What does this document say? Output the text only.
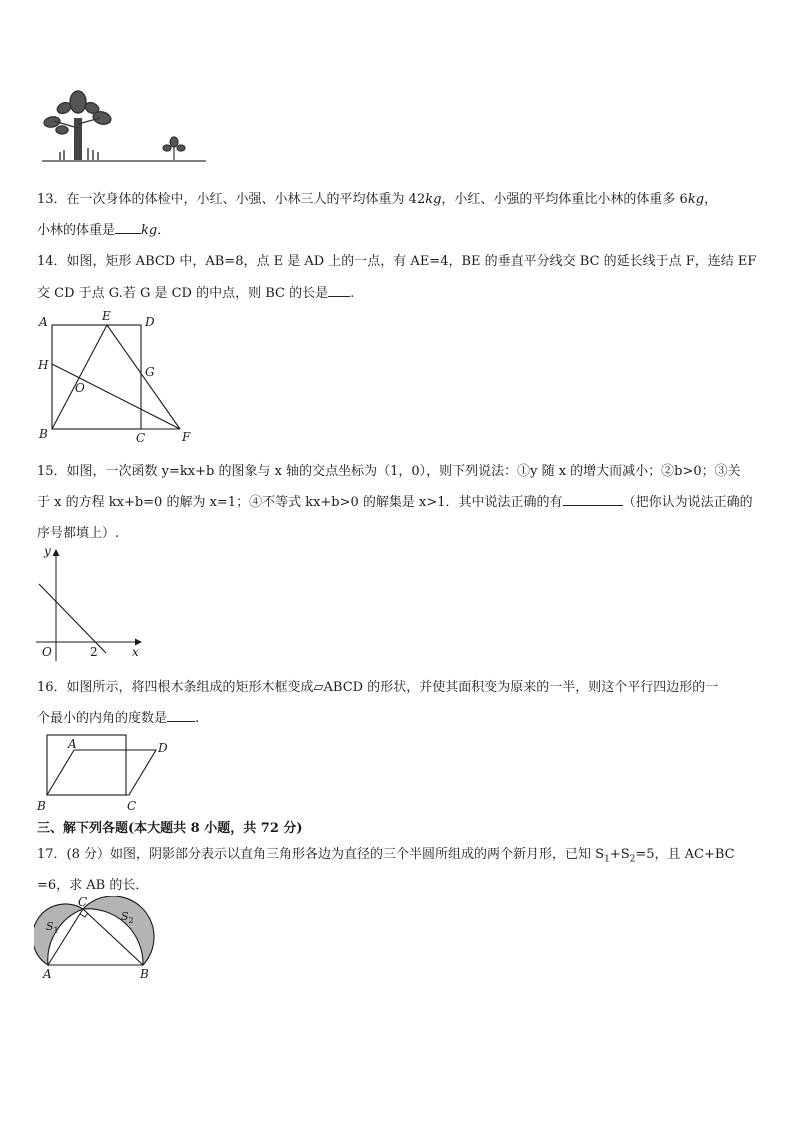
13．在一次身体的体检中，小红、小强、小林三人的平均体重为 42kg，小红、小强的平均体重比小林的体重多 6kg，
小林的体重是 kg．
14．如图，矩形 ABCD 中，AB=8，点 E 是 AD 上的一点，有 AE=4，BE 的垂直平分线交 BC 的延长线于点 F，连结 EF
交 CD 于点 G.若 G 是 CD 的中点，则 BC 的长是 .
A	E	D
H	G
O
B	C	F
15．如图，一次函数 y=kx+b 的图象与 x 轴的交点坐标为（1，0），则下列说法：①y 随 x 的增大而减小；②b>0；③关
于 x 的方程 kx+b=0 的解为 x=1；④不等式 kx+b>0 的解集是 x>1．其中说法正确的有	（把你认为说法正确的
序号都填上）.
y
x
O	2
16．如图所示，将四根木条组成的矩形木框变成▱ABCD 的形状，并使其面积变为原来的一半，则这个平行四边形的一
个最小的内角的度数是 .
A	D
B	C
三、解下列各题(本大题共 8 小题，共 72 分)
17．(8 分）如图，阴影部分表示以直角三角形各边为直径的三个半圆所组成的两个新月形，已知 $S_1+S_2=5$，且 AC+BC
=6，求 AB 的长．
C
$S_1$
$S_2$
A	B
